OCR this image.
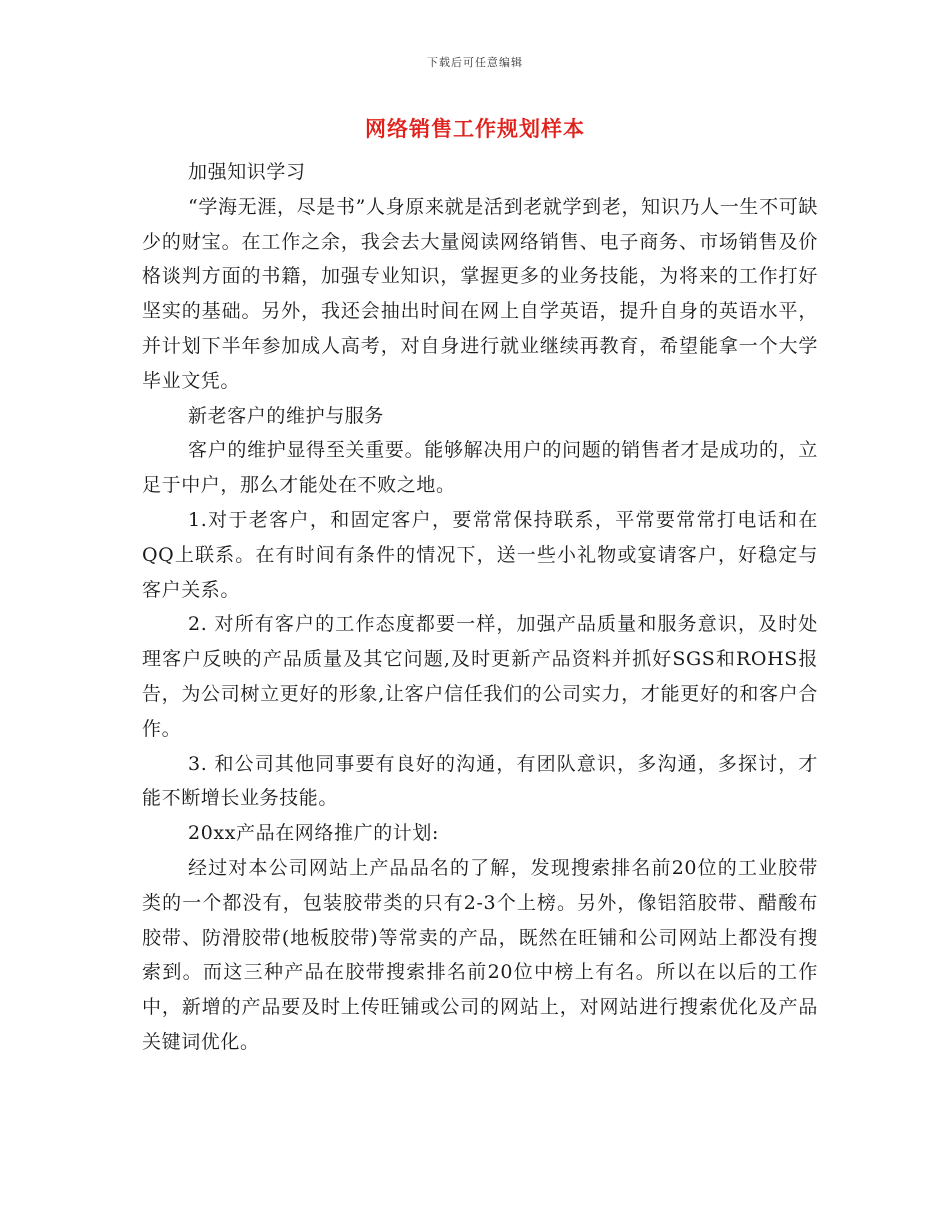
下载后可任意编辑
网络销售工作规划样本

加强知识学习

“学海无涯，尽是书”人身原来就是活到老就学到老，知识乃人一生不可缺少的财宝。在工作之余，我会去大量阅读网络销售、电子商务、市场销售及价格谈判方面的书籍，加强专业知识，掌握更多的业务技能，为将来的工作打好坚实的基础。另外，我还会抽出时间在网上自学英语，提升自身的英语水平，并计划下半年参加成人高考，对自身进行就业继续再教育，希望能拿一个大学毕业文凭。

新老客户的维护与服务

客户的维护显得至关重要。能够解决用户的问题的销售者才是成功的，立足于中户，那么才能处在不败之地。

1.对于老客户，和固定客户，要常常保持联系，平常要常常打电话和在QQ上联系。在有时间有条件的情况下，送一些小礼物或宴请客户，好稳定与客户关系。

2. 对所有客户的工作态度都要一样，加强产品质量和服务意识，及时处理客户反映的产品质量及其它问题,及时更新产品资料并抓好SGS和ROHS报告，为公司树立更好的形象,让客户信任我们的公司实力，才能更好的和客户合作。

3. 和公司其他同事要有良好的沟通，有团队意识，多沟通，多探讨，才能不断增长业务技能。

20xx产品在网络推广的计划:

经过对本公司网站上产品品名的了解，发现搜索排名前20位的工业胶带类的一个都没有，包装胶带类的只有2-3个上榜。另外，像铝箔胶带、醋酸布胶带、防滑胶带(地板胶带)等常卖的产品，既然在旺铺和公司网站上都没有搜索到。而这三种产品在胶带搜索排名前20位中榜上有名。所以在以后的工作中，新增的产品要及时上传旺铺或公司的网站上，对网站进行搜索优化及产品关键词优化。
